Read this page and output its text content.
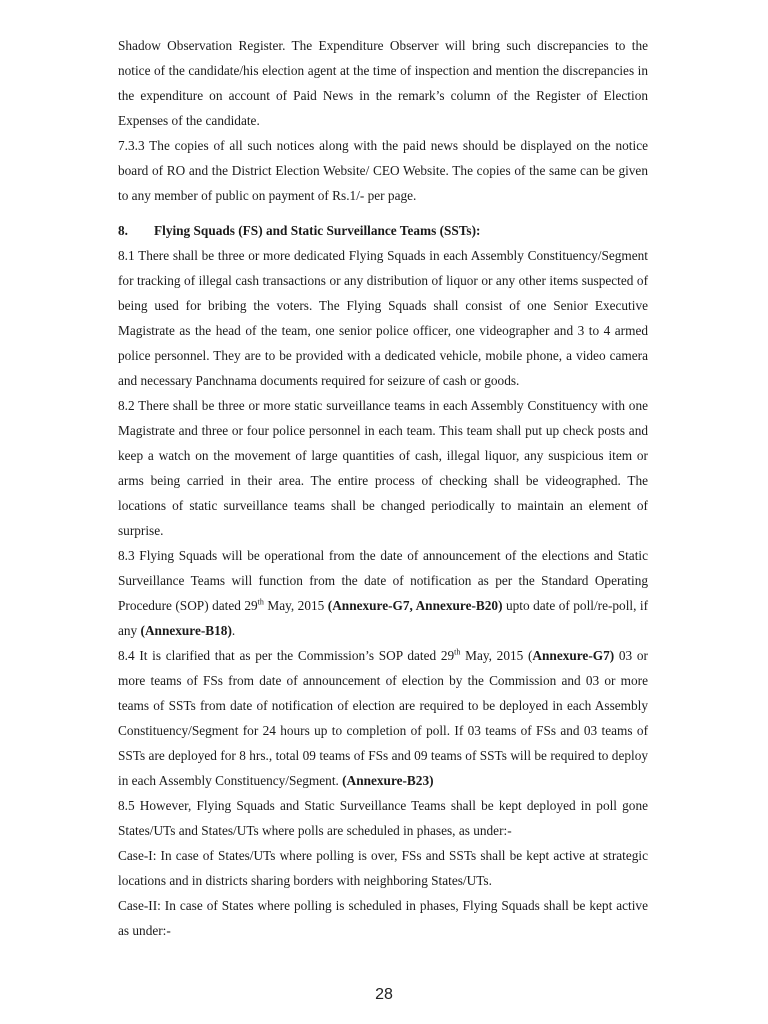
Shadow Observation Register. The Expenditure Observer will bring such discrepancies to the notice of the candidate/his election agent at the time of inspection and mention the discrepancies in the expenditure on account of Paid News in the remark’s column of the Register of Election Expenses of the candidate.

7.3.3 The copies of all such notices along with the paid news should be displayed on the notice board of RO and the District Election Website/ CEO Website. The copies of the same can be given to any member of public on payment of Rs.1/- per page.

8. Flying Squads (FS) and Static Surveillance Teams (SSTs):

8.1 There shall be three or more dedicated Flying Squads in each Assembly Constituency/Segment for tracking of illegal cash transactions or any distribution of liquor or any other items suspected of being used for bribing the voters. The Flying Squads shall consist of one Senior Executive Magistrate as the head of the team, one senior police officer, one videographer and 3 to 4 armed police personnel. They are to be provided with a dedicated vehicle, mobile phone, a video camera and necessary Panchnama documents required for seizure of cash or goods.

8.2 There shall be three or more static surveillance teams in each Assembly Constituency with one Magistrate and three or four police personnel in each team. This team shall put up check posts and keep a watch on the movement of large quantities of cash, illegal liquor, any suspicious item or arms being carried in their area. The entire process of checking shall be videographed. The locations of static surveillance teams shall be changed periodically to maintain an element of surprise.

8.3 Flying Squads will be operational from the date of announcement of the elections and Static Surveillance Teams will function from the date of notification as per the Standard Operating Procedure (SOP) dated 29th May, 2015 (Annexure-G7, Annexure-B20) upto date of poll/re-poll, if any (Annexure-B18).

8.4 It is clarified that as per the Commission’s SOP dated 29th May, 2015 (Annexure-G7) 03 or more teams of FSs from date of announcement of election by the Commission and 03 or more teams of SSTs from date of notification of election are required to be deployed in each Assembly Constituency/Segment for 24 hours up to completion of poll. If 03 teams of FSs and 03 teams of SSTs are deployed for 8 hrs., total 09 teams of FSs and 09 teams of SSTs will be required to deploy in each Assembly Constituency/Segment. (Annexure-B23)

8.5 However, Flying Squads and Static Surveillance Teams shall be kept deployed in poll gone States/UTs and States/UTs where polls are scheduled in phases, as under:-

Case-I: In case of States/UTs where polling is over, FSs and SSTs shall be kept active at strategic locations and in districts sharing borders with neighboring States/UTs.

Case-II: In case of States where polling is scheduled in phases, Flying Squads shall be kept active as under:-

28
